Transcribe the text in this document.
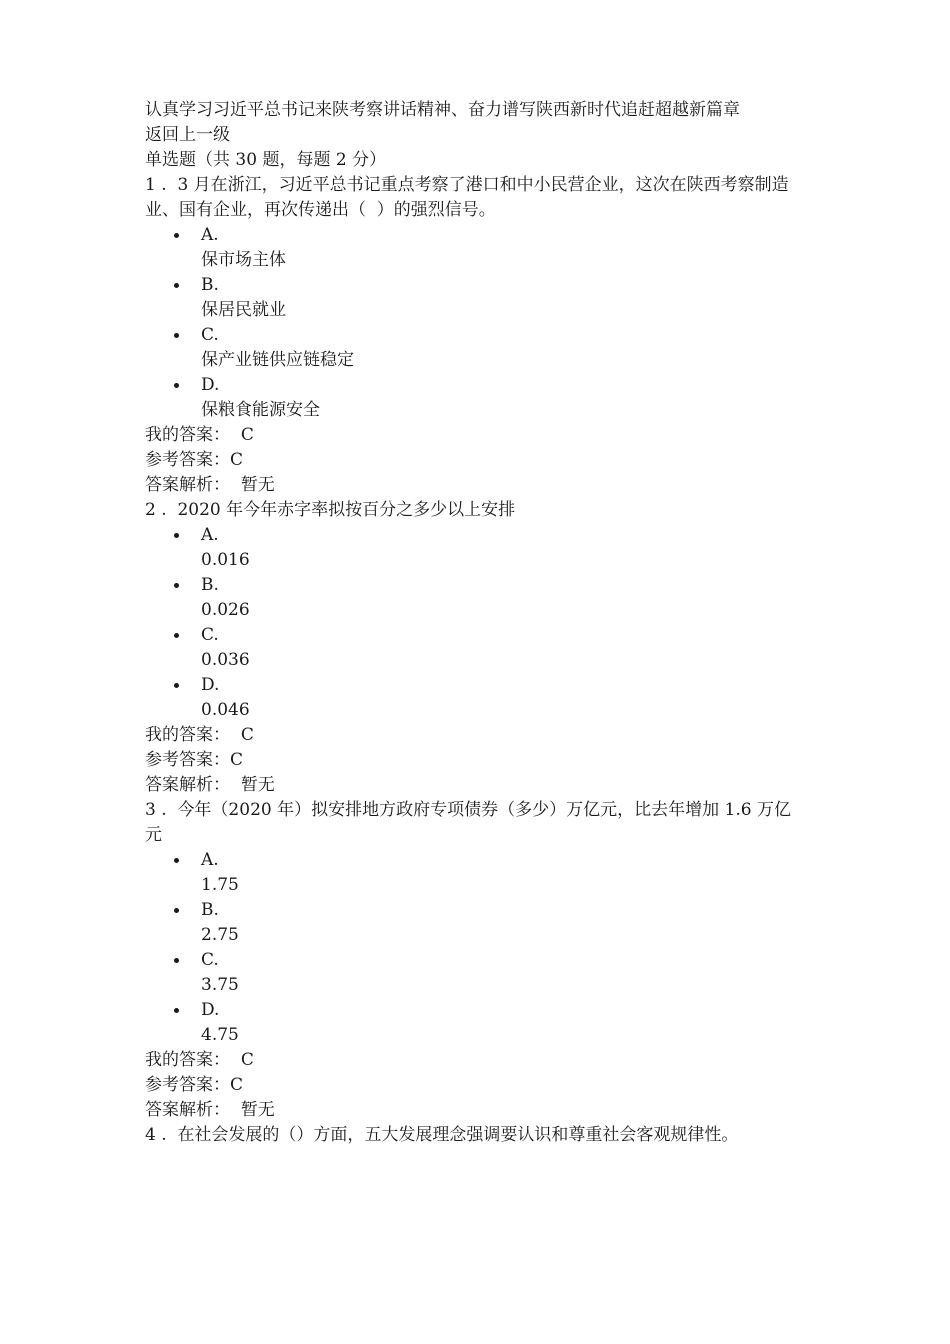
认真学习习近平总书记来陕考察讲话精神、奋力谱写陕西新时代追赶超越新篇章
返回上一级
单选题（共 30 题，每题 2 分）
1 . 3 月在浙江，习近平总书记重点考察了港口和中小民营企业，这次在陕西考察制造业、国有企业，再次传递出（  ）的强烈信号。
A.
保市场主体
B.
保居民就业
C.
保产业链供应链稳定
D.
保粮食能源安全
我的答案： C
参考答案：C
答案解析： 暂无
2 . 2020 年今年赤字率拟按百分之多少以上安排
A.
0.016
B.
0.026
C.
0.036
D.
0.046
我的答案： C
参考答案：C
答案解析： 暂无
3 . 今年（2020 年）拟安排地方政府专项债券（多少）万亿元，比去年增加 1.6 万亿元
A.
1.75
B.
2.75
C.
3.75
D.
4.75
我的答案： C
参考答案：C
答案解析： 暂无
4 . 在社会发展的（）方面，五大发展理念强调要认识和尊重社会客观规律性。
